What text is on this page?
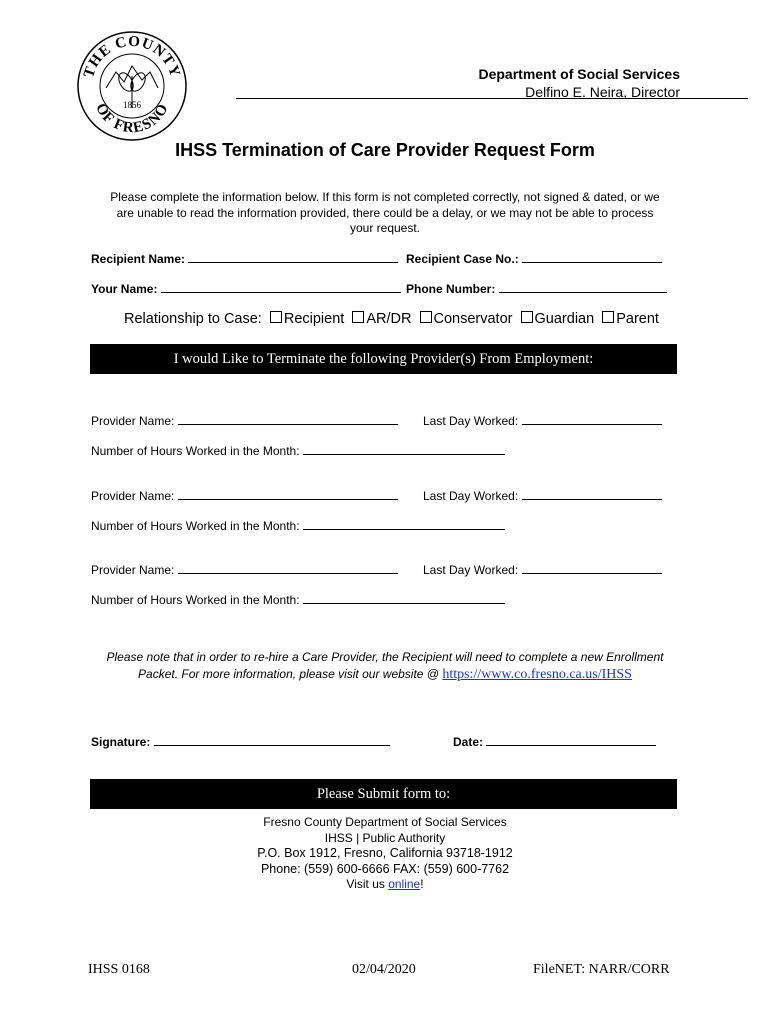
THE COUNTY
OF FRESNO
1856
Department of Social Services
Delfino E. Neira, Director
IHSS Termination of Care Provider Request Form
Please complete the information below. If this form is not completed correctly, not signed & dated, or we
are unable to read the information provided, there could be a delay, or we may not be able to process
your request.
Recipient Name:	Recipient Case No.:
Your Name:	Phone Number:
Relationship to Case: Recipient AR/DR Conservator Guardian Parent
I would Like to Terminate the following Provider(s) From Employment:
Provider Name:	Last Day Worked:
Number of Hours Worked in the Month:
Provider Name:	Last Day Worked:
Number of Hours Worked in the Month:
Provider Name:	Last Day Worked:
Number of Hours Worked in the Month:
Please note that in order to re-hire a Care Provider, the Recipient will need to complete a new Enrollment
Packet. For more information, please visit our website @ https://www.co.fresno.ca.us/IHSS
Signature:	Date:
Please Submit form to:
Fresno County Department of Social Services
IHSS | Public Authority
P.O. Box 1912, Fresno, California 93718-1912
Phone: (559) 600-6666 FAX: (559) 600-7762
Visit us online!
IHSS 0168	02/04/2020	FileNET: NARR/CORR
